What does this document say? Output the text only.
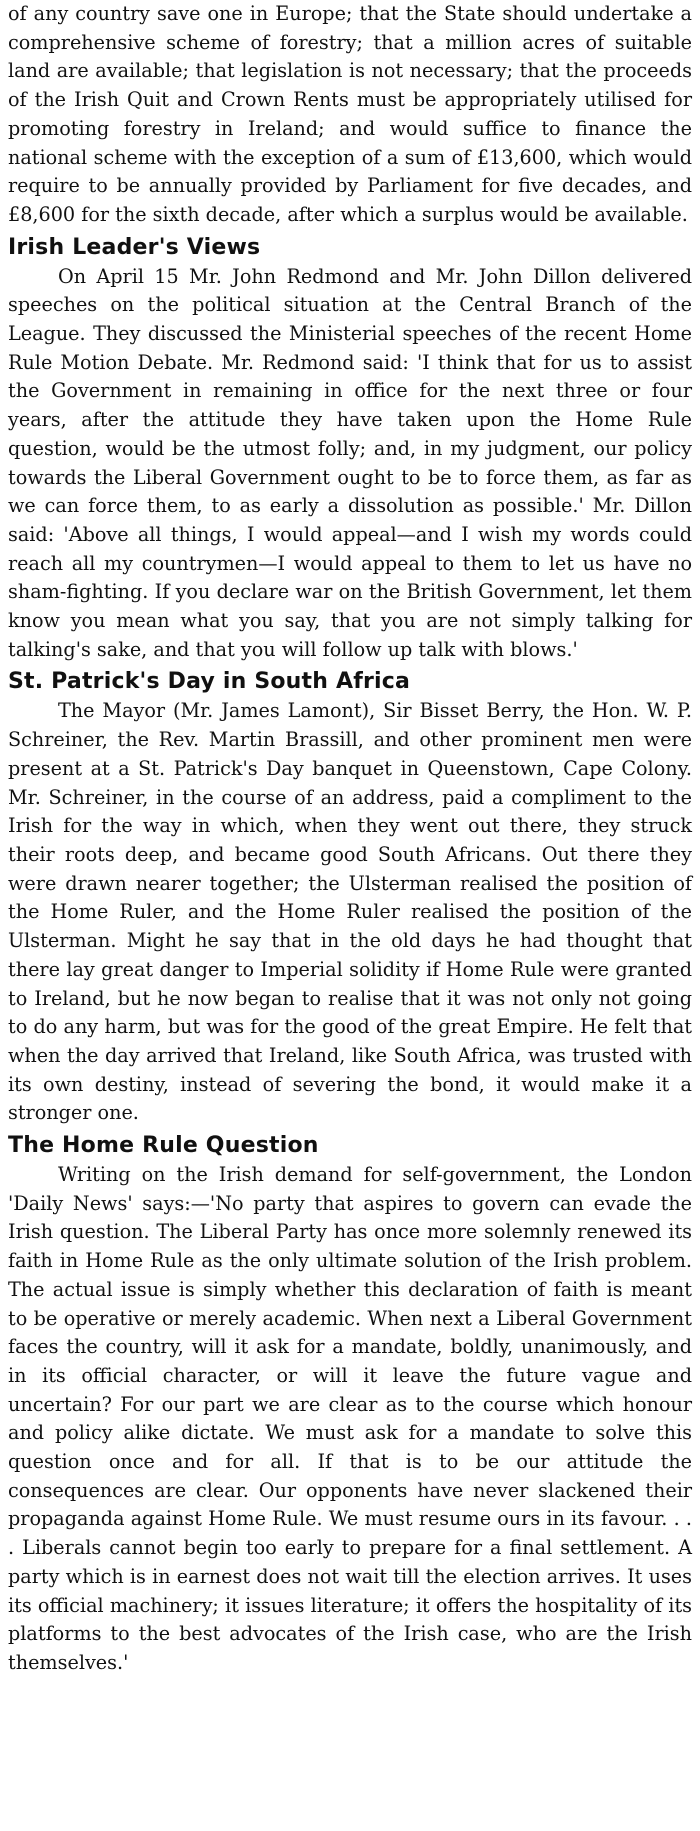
of any country save one in Europe; that the State should undertake a comprehensive scheme of forestry; that a million acres of suitable land are available; that legislation is not necessary; that the proceeds of the Irish Quit and Crown Rents must be appropriately utilised for promoting forestry in Ireland; and would suffice to finance the national scheme with the exception of a sum of £13,600, which would require to be annually provided by Parliament for five decades, and £8,600 for the sixth decade, after which a surplus would be available.

Irish Leader's Views

On April 15 Mr. John Redmond and Mr. John Dillon delivered speeches on the political situation at the Central Branch of the League. They discussed the Ministerial speeches of the recent Home Rule Motion Debate. Mr. Redmond said: 'I think that for us to assist the Government in remaining in office for the next three or four years, after the attitude they have taken upon the Home Rule question, would be the utmost folly; and, in my judgment, our policy towards the Liberal Government ought to be to force them, as far as we can force them, to as early a dissolution as possible.' Mr. Dillon said: 'Above all things, I would appeal—and I wish my words could reach all my countrymen—I would appeal to them to let us have no sham-fighting. If you declare war on the British Government, let them know you mean what you say, that you are not simply talking for talking's sake, and that you will follow up talk with blows.'

St. Patrick's Day in South Africa

The Mayor (Mr. James Lamont), Sir Bisset Berry, the Hon. W. P. Schreiner, the Rev. Martin Brassill, and other prominent men were present at a St. Patrick's Day banquet in Queenstown, Cape Colony. Mr. Schreiner, in the course of an address, paid a compliment to the Irish for the way in which, when they went out there, they struck their roots deep, and became good South Africans. Out there they were drawn nearer together; the Ulsterman realised the position of the Home Ruler, and the Home Ruler realised the position of the Ulsterman. Might he say that in the old days he had thought that there lay great danger to Imperial solidity if Home Rule were granted to Ireland, but he now began to realise that it was not only not going to do any harm, but was for the good of the great Empire. He felt that when the day arrived that Ireland, like South Africa, was trusted with its own destiny, instead of severing the bond, it would make it a stronger one.

The Home Rule Question

Writing on the Irish demand for self-government, the London 'Daily News' says:—'No party that aspires to govern can evade the Irish question. The Liberal Party has once more solemnly renewed its faith in Home Rule as the only ultimate solution of the Irish problem. The actual issue is simply whether this declaration of faith is meant to be operative or merely academic. When next a Liberal Government faces the country, will it ask for a mandate, boldly, unanimously, and in its official character, or will it leave the future vague and uncertain? For our part we are clear as to the course which honour and policy alike dictate. We must ask for a mandate to solve this question once and for all. If that is to be our attitude the consequences are clear. Our opponents have never slackened their propaganda against Home Rule. We must resume ours in its favour. . . . Liberals cannot begin too early to prepare for a final settlement. A party which is in earnest does not wait till the election arrives. It uses its official machinery; it issues literature; it offers the hospitality of its platforms to the best advocates of the Irish case, who are the Irish themselves.'
